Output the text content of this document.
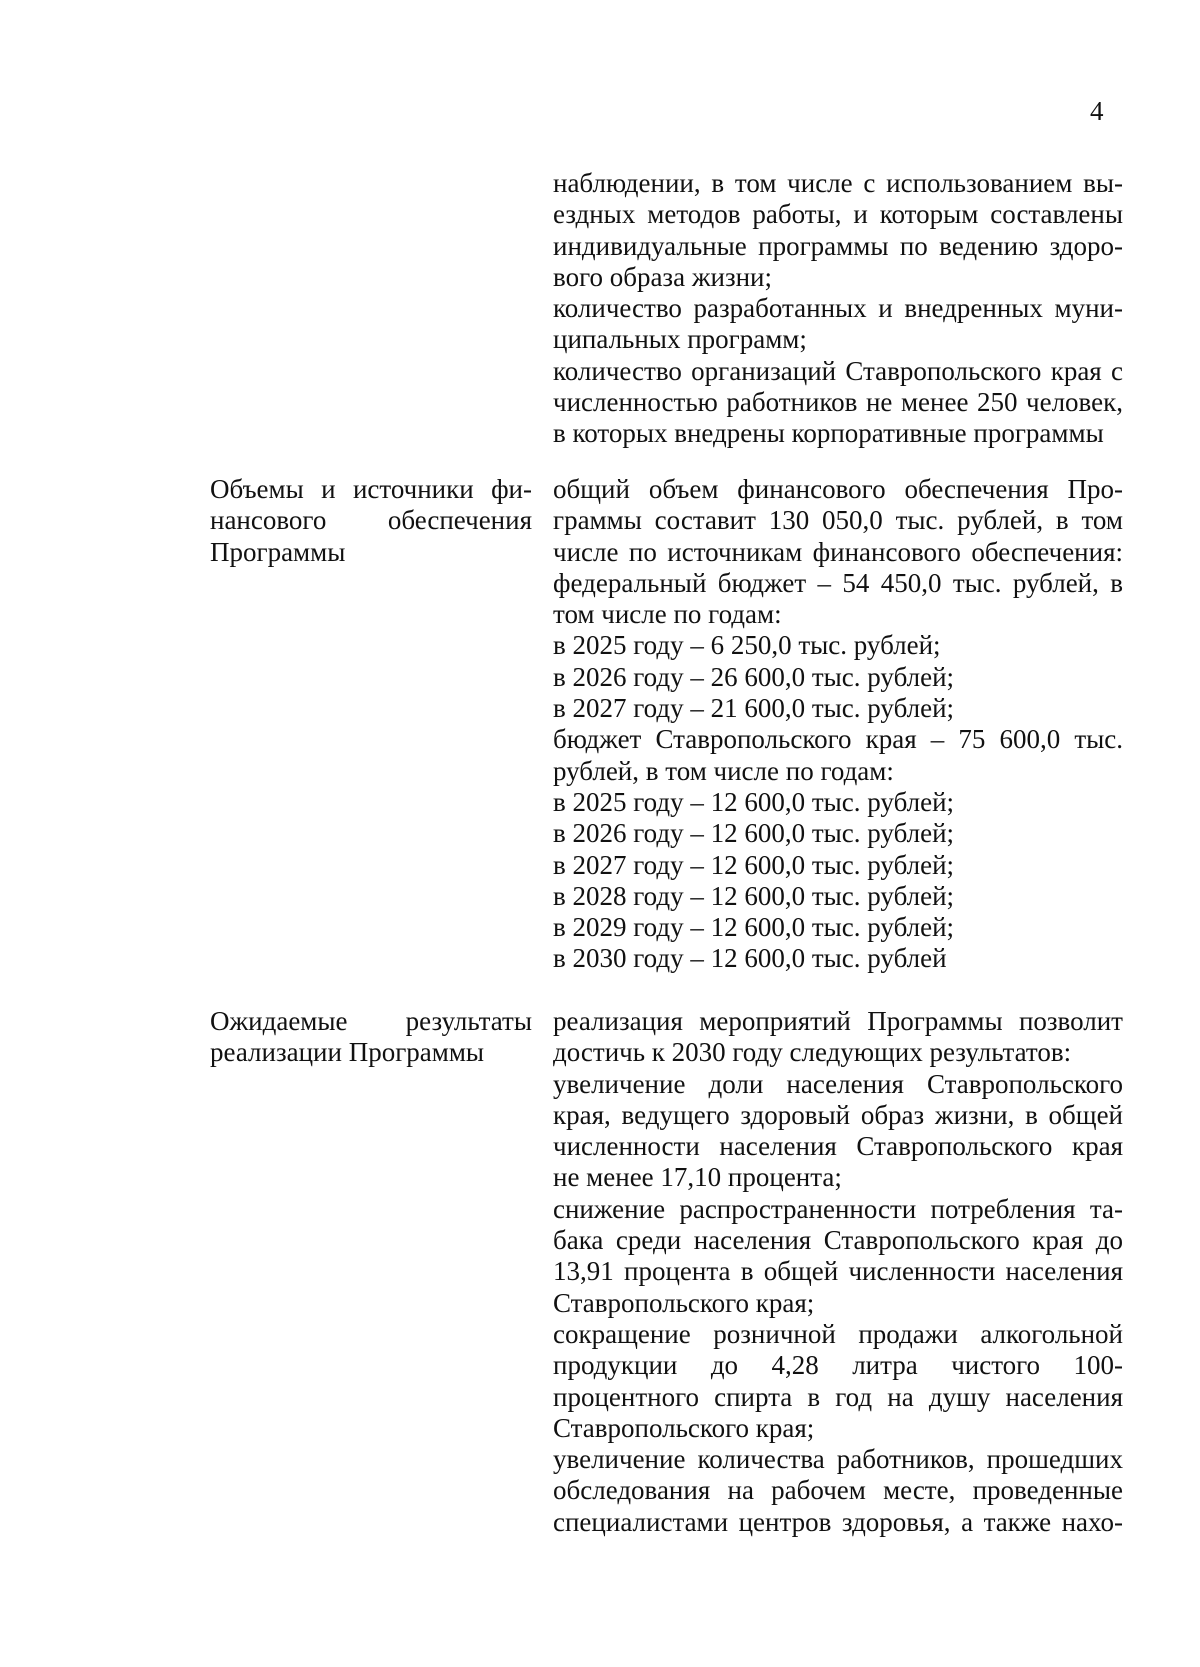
4
наблюдении, в том числе с использованием вы-
ездных методов работы, и которым составлены
индивидуальные программы по ведению здоро-
вого образа жизни;
количество разработанных и внедренных муни-
ципальных программ;
количество организаций Ставропольского края с
численностью работников не менее 250 человек,
в которых внедрены корпоративные программы
Объемы и источники фи-
нансового обеспечения
Программы
общий объем финансового обеспечения Про-
граммы составит 130 050,0 тыс. рублей, в том
числе по источникам финансового обеспечения:
федеральный бюджет – 54 450,0 тыс. рублей, в
том числе по годам:
в 2025 году – 6 250,0 тыс. рублей;
в 2026 году – 26 600,0 тыс. рублей;
в 2027 году – 21 600,0 тыс. рублей;
бюджет Ставропольского края – 75 600,0 тыс.
рублей, в том числе по годам:
в 2025 году – 12 600,0 тыс. рублей;
в 2026 году – 12 600,0 тыс. рублей;
в 2027 году – 12 600,0 тыс. рублей;
в 2028 году – 12 600,0 тыс. рублей;
в 2029 году – 12 600,0 тыс. рублей;
в 2030 году – 12 600,0 тыс. рублей
Ожидаемые результаты
реализации Программы
реализация мероприятий Программы позволит
достичь к 2030 году следующих результатов:
увеличение доли населения Ставропольского
края, ведущего здоровый образ жизни, в общей
численности населения Ставропольского края
не менее 17,10 процента;
снижение распространенности потребления та-
бака среди населения Ставропольского края до
13,91 процента в общей численности населения
Ставропольского края;
сокращение розничной продажи алкогольной
продукции до 4,28 литра чистого 100-
процентного спирта в год на душу населения
Ставропольского края;
увеличение количества работников, прошедших
обследования на рабочем месте, проведенные
специалистами центров здоровья, а также нахо-
